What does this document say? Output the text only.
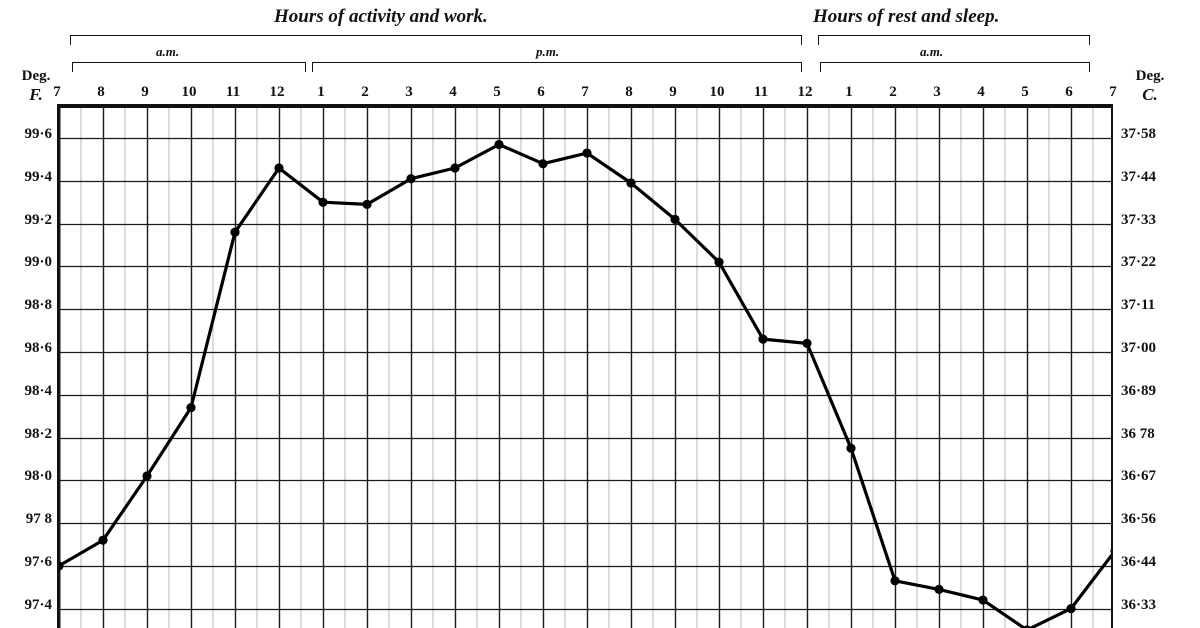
Hours of activity and work.	Hours of rest and sleep.
a.m.	p.m.	a.m.
Deg.
F.
Deg.
C.
7	8	9	10	11	12	1	2	3	4	5	6	7	8	9	10	11	12	1	2	3	4	5	6	7
99·6
99·4
99·2
99·0
98·8
98·6
98·4
98·2
98·0
97 8
97·6
97·4
37·58
37·44
37·33
37·22
37·11
37·00
36·89
36 78
36·67
36·56
36·44
36·33
